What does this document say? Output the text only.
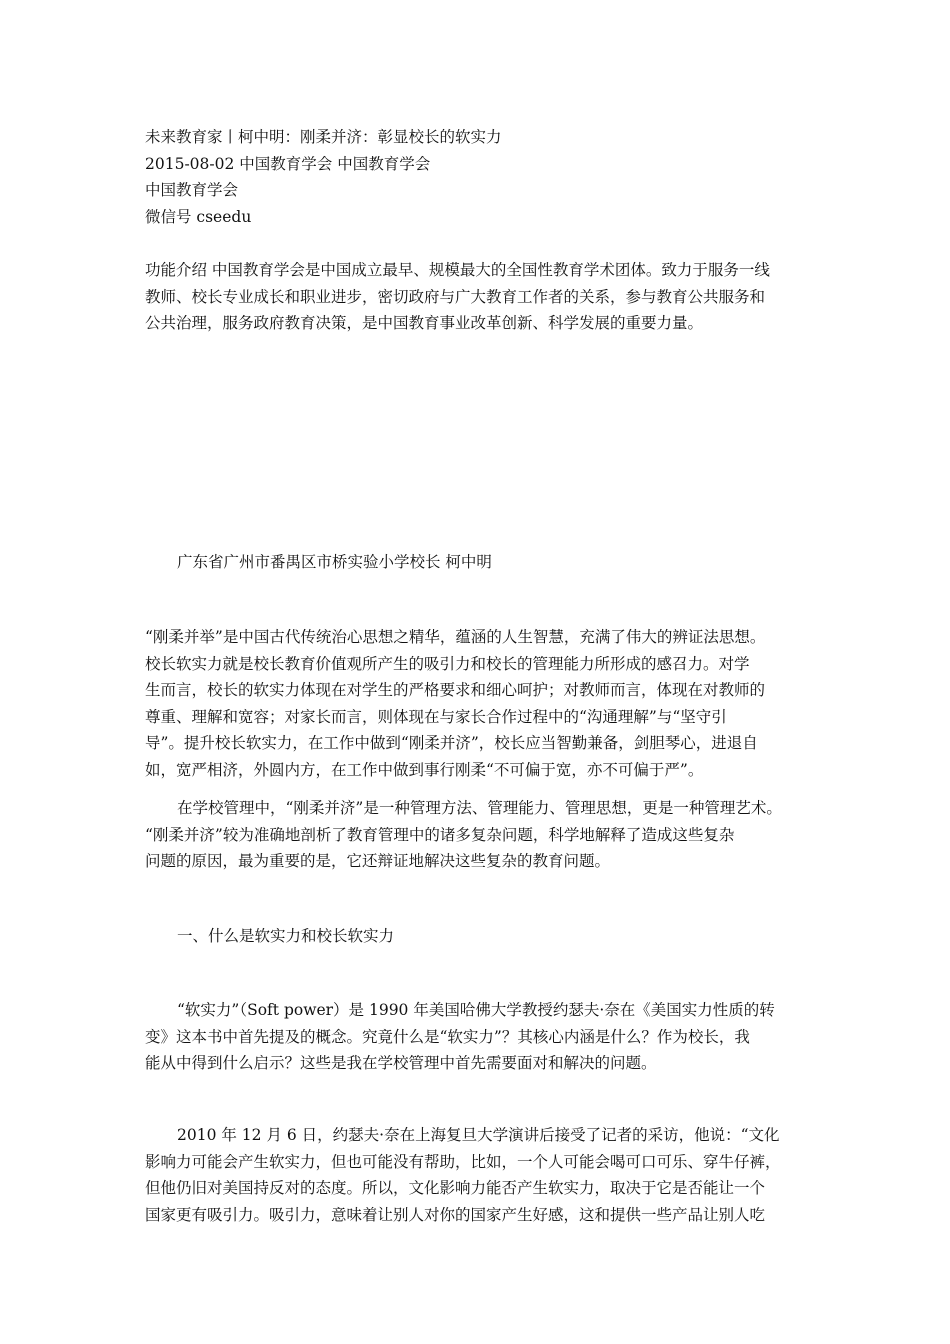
未来教育家丨柯中明：刚柔并济：彰显校长的软实力
2015-08-02 中国教育学会 中国教育学会
中国教育学会
微信号 cseedu
功能介绍 中国教育学会是中国成立最早、规模最大的全国性教育学术团体。致力于服务一线
教师、校长专业成长和职业进步，密切政府与广大教育工作者的关系，参与教育公共服务和
公共治理，服务政府教育决策，是中国教育事业改革创新、科学发展的重要力量。
广东省广州市番禺区市桥实验小学校长 柯中明
“刚柔并举”是中国古代传统治心思想之精华，蕴涵的人生智慧，充满了伟大的辨证法思想。
校长软实力就是校长教育价值观所产生的吸引力和校长的管理能力所形成的感召力。对学
生而言，校长的软实力体现在对学生的严格要求和细心呵护；对教师而言，体现在对教师的
尊重、理解和宽容；对家长而言，则体现在与家长合作过程中的“沟通理解”与“坚守引
导”。提升校长软实力，在工作中做到“刚柔并济”，校长应当智勤兼备，剑胆琴心，进退自
如，宽严相济，外圆内方，在工作中做到事行刚柔“不可偏于宽，亦不可偏于严”。
在学校管理中，“刚柔并济”是一种管理方法、管理能力、管理思想，更是一种管理艺术。
“刚柔并济”较为准确地剖析了教育管理中的诸多复杂问题，科学地解释了造成这些复杂
问题的原因，最为重要的是，它还辩证地解决这些复杂的教育问题。
一、什么是软实力和校长软实力
“软实力”（Soft power）是 1990 年美国哈佛大学教授约瑟夫·奈在《美国实力性质的转
变》这本书中首先提及的概念。究竟什么是“软实力”？其核心内涵是什么？作为校长，我
能从中得到什么启示？这些是我在学校管理中首先需要面对和解决的问题。
2010 年 12 月 6 日，约瑟夫·奈在上海复旦大学演讲后接受了记者的采访，他说：“文化
影响力可能会产生软实力，但也可能没有帮助，比如，一个人可能会喝可口可乐、穿牛仔裤，
但他仍旧对美国持反对的态度。所以，文化影响力能否产生软实力，取决于它是否能让一个
国家更有吸引力。吸引力，意味着让别人对你的国家产生好感，这和提供一些产品让别人吃
